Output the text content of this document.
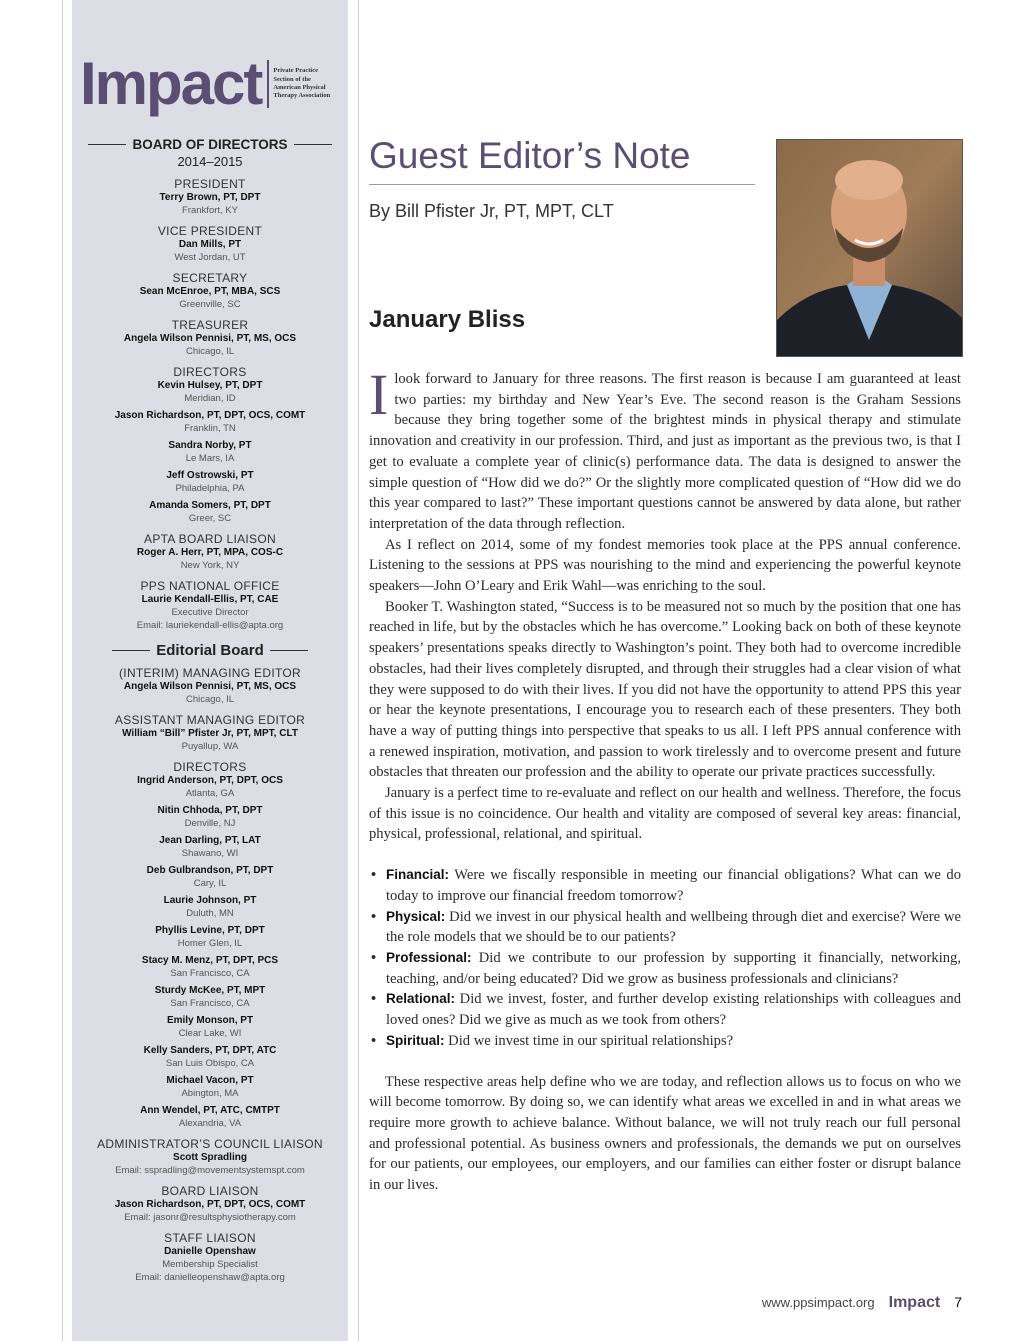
Impact Private Practice
Section of the
American Physical
Therapy Association
BOARD OF DIRECTORS
2014–2015
PRESIDENT
Terry Brown, PT, DPT
Frankfort, KY
VICE PRESIDENT
Dan Mills, PT
West Jordan, UT
SECRETARY
Sean McEnroe, PT, MBA, SCS
Greenville, SC
TREASURER
Angela Wilson Pennisi, PT, MS, OCS
Chicago, IL
DIRECTORS
Kevin Hulsey, PT, DPT
Meridian, ID
Jason Richardson, PT, DPT, OCS, COMT
Franklin, TN
Sandra Norby, PT
Le Mars, IA
Jeff Ostrowski, PT
Philadelphia, PA
Amanda Somers, PT, DPT
Greer, SC
APTA BOARD LIAISON
Roger A. Herr, PT, MPA, COS-C
New York, NY
PPS NATIONAL OFFICE
Laurie Kendall-Ellis, PT, CAE
Executive Director
Email: lauriekendall-ellis@apta.org
Editorial Board
(INTERIM) MANAGING EDITOR
Angela Wilson Pennisi, PT, MS, OCS
Chicago, IL
ASSISTANT MANAGING EDITOR
William “Bill” Pfister Jr, PT, MPT, CLT
Puyallup, WA
DIRECTORS
Ingrid Anderson, PT, DPT, OCS
Atlanta, GA
Nitin Chhoda, PT, DPT
Denville, NJ
Jean Darling, PT, LAT
Shawano, WI
Deb Gulbrandson, PT, DPT
Cary, IL
Laurie Johnson, PT
Duluth, MN
Phyllis Levine, PT, DPT
Homer Glen, IL
Stacy M. Menz, PT, DPT, PCS
San Francisco, CA
Sturdy McKee, PT, MPT
San Francisco, CA
Emily Monson, PT
Clear Lake, WI
Kelly Sanders, PT, DPT, ATC
San Luis Obispo, CA
Michael Vacon, PT
Abington, MA
Ann Wendel, PT, ATC, CMTPT
Alexandria, VA
ADMINISTRATOR’S COUNCIL LIAISON
Scott Spradling
Email: sspradling@movementsystemspt.com
BOARD LIAISON
Jason Richardson, PT, DPT, OCS, COMT
Email: jasonr@resultsphysiotherapy.com
STAFF LIAISON
Danielle Openshaw
Membership Specialist
Email: danielleopenshaw@apta.org
Guest Editor’s Note
By Bill Pfister Jr, PT, MPT, CLT
January Bliss

I look forward to January for three reasons. The first reason is because I am guaranteed at least two parties: my birthday and New Year’s Eve. The second reason is the Graham Sessions because they bring together some of the brightest minds in physical therapy and stimulate innovation and creativity in our profession. Third, and just as important as the previous two, is that I get to evaluate a complete year of clinic(s) performance data. The data is designed to answer the simple question of “How did we do?” Or the slightly more complicated question of “How did we do this year compared to last?” These important questions cannot be answered by data alone, but rather interpretation of the data through reflection.

As I reflect on 2014, some of my fondest memories took place at the PPS annual conference. Listening to the sessions at PPS was nourishing to the mind and experiencing the powerful keynote speakers—John O’Leary and Erik Wahl—was enriching to the soul.

Booker T. Washington stated, “Success is to be measured not so much by the position that one has reached in life, but by the obstacles which he has overcome.” Looking back on both of these keynote speakers’ presentations speaks directly to Washington’s point. They both had to overcome incredible obstacles, had their lives completely disrupted, and through their struggles had a clear vision of what they were supposed to do with their lives. If you did not have the opportunity to attend PPS this year or hear the keynote presentations, I encourage you to research each of these presenters. They both have a way of putting things into perspective that speaks to us all. I left PPS annual conference with a renewed inspiration, motivation, and passion to work tirelessly and to overcome present and future obstacles that threaten our profession and the ability to operate our private practices successfully.

January is a perfect time to re-evaluate and reflect on our health and wellness. Therefore, the focus of this issue is no coincidence. Our health and vitality are composed of several key areas: financial, physical, professional, relational, and spiritual.

• Financial: Were we fiscally responsible in meeting our financial obligations? What can we do today to improve our financial freedom tomorrow?
• Physical: Did we invest in our physical health and wellbeing through diet and exercise? Were we the role models that we should be to our patients?
• Professional: Did we contribute to our profession by supporting it financially, networking, teaching, and/or being educated? Did we grow as business professionals and clinicians?
• Relational: Did we invest, foster, and further develop existing relationships with colleagues and loved ones? Did we give as much as we took from others?
• Spiritual: Did we invest time in our spiritual relationships?

These respective areas help define who we are today, and reflection allows us to focus on who we will become tomorrow. By doing so, we can identify what areas we excelled in and in what areas we require more growth to achieve balance. Without balance, we will not truly reach our full personal and professional potential. As business owners and professionals, the demands we put on ourselves for our patients, our employees, our employers, and our families can either foster or disrupt balance in our lives.

www.ppsimpact.org Impact 7
